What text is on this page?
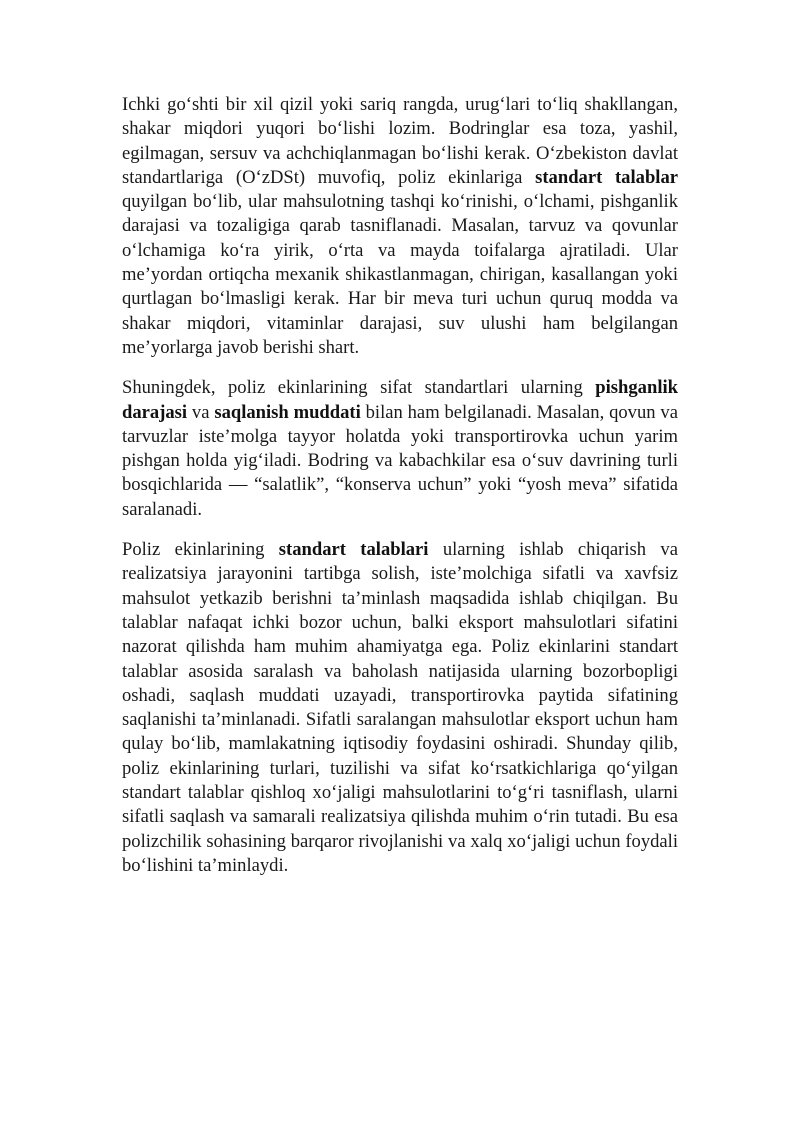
Ichki go‘shti bir xil qizil yoki sariq rangda, urug‘lari to‘liq shakllangan, shakar miqdori yuqori bo‘lishi lozim. Bodringlar esa toza, yashil, egilmagan, sersuv va achchiqlanmagan bo‘lishi kerak. O‘zbekiston davlat standartlariga (O‘zDSt) muvofiq, poliz ekinlariga standart talablar quyilgan bo‘lib, ular mahsulotning tashqi ko‘rinishi, o‘lchami, pishganlik darajasi va tozaligiga qarab tasniflanadi. Masalan, tarvuz va qovunlar o‘lchamiga ko‘ra yirik, o‘rta va mayda toifalarga ajratiladi. Ular me’yordan ortiqcha mexanik shikastlanmagan, chirigan, kasallangan yoki qurtlagan bo‘lmasligi kerak. Har bir meva turi uchun quruq modda va shakar miqdori, vitaminlar darajasi, suv ulushi ham belgilangan me’yorlarga javob berishi shart.

Shuningdek, poliz ekinlarining sifat standartlari ularning pishganlik darajasi va saqlanish muddati bilan ham belgilanadi. Masalan, qovun va tarvuzlar iste’molga tayyor holatda yoki transportirovka uchun yarim pishgan holda yig‘iladi. Bodring va kabachkilar esa o‘suv davrining turli bosqichlarida — “salatlik”, “konserva uchun” yoki “yosh meva” sifatida saralanadi.

Poliz ekinlarining standart talablari ularning ishlab chiqarish va realizatsiya jarayonini tartibga solish, iste’molchiga sifatli va xavfsiz mahsulot yetkazib berishni ta’minlash maqsadida ishlab chiqilgan. Bu talablar nafaqat ichki bozor uchun, balki eksport mahsulotlari sifatini nazorat qilishda ham muhim ahamiyatga ega. Poliz ekinlarini standart talablar asosida saralash va baholash natijasida ularning bozorbopligi oshadi, saqlash muddati uzayadi, transportirovka paytida sifatining saqlanishi ta’minlanadi. Sifatli saralangan mahsulotlar eksport uchun ham qulay bo‘lib, mamlakatning iqtisodiy foydasini oshiradi. Shunday qilib, poliz ekinlarining turlari, tuzilishi va sifat ko‘rsatkichlariga qo‘yilgan standart talablar qishloq xo‘jaligi mahsulotlarini to‘g‘ri tasniflash, ularni sifatli saqlash va samarali realizatsiya qilishda muhim o‘rin tutadi. Bu esa polizchilik sohasining barqaror rivojlanishi va xalq xo‘jaligi uchun foydali bo‘lishini ta’minlaydi.
